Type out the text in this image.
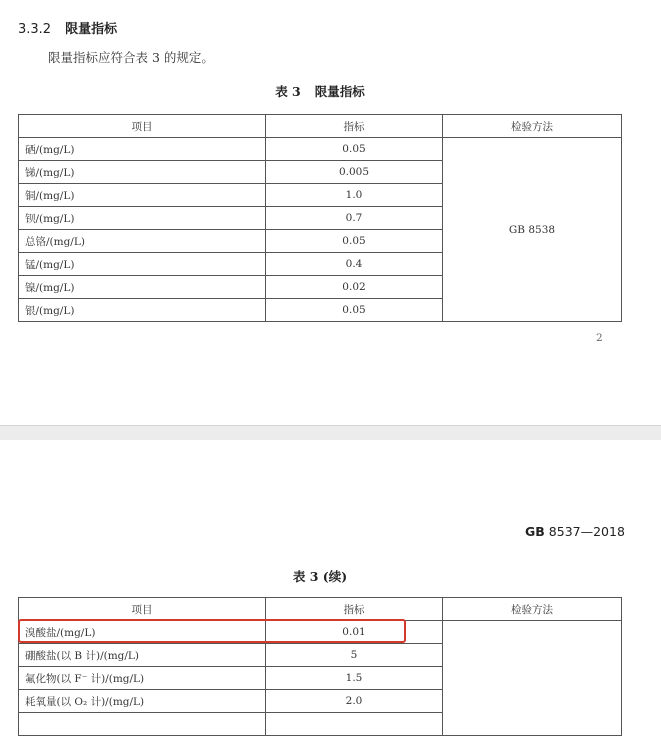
3.3.2 限量指标
限量指标应符合表 3 的规定。
表 3 限量指标
项目	指标	检验方法
硒/(mg/L)	0.05	GB 8538
锑/(mg/L)	0.005	
铜/(mg/L)	1.0	
钡/(mg/L)	0.7	
总铬/(mg/L)	0.05	
锰/(mg/L)	0.4	
镍/(mg/L)	0.02	
银/(mg/L)	0.05	
2
GB 8537—2018
表 3 (续)
项目	指标	检验方法
溴酸盐/(mg/L)	0.01	
硼酸盐(以 B 计)/(mg/L)	5	
氟化物(以 F⁻ 计)/(mg/L)	1.5	
耗氧量(以 O₂ 计)/(mg/L)	2.0	
